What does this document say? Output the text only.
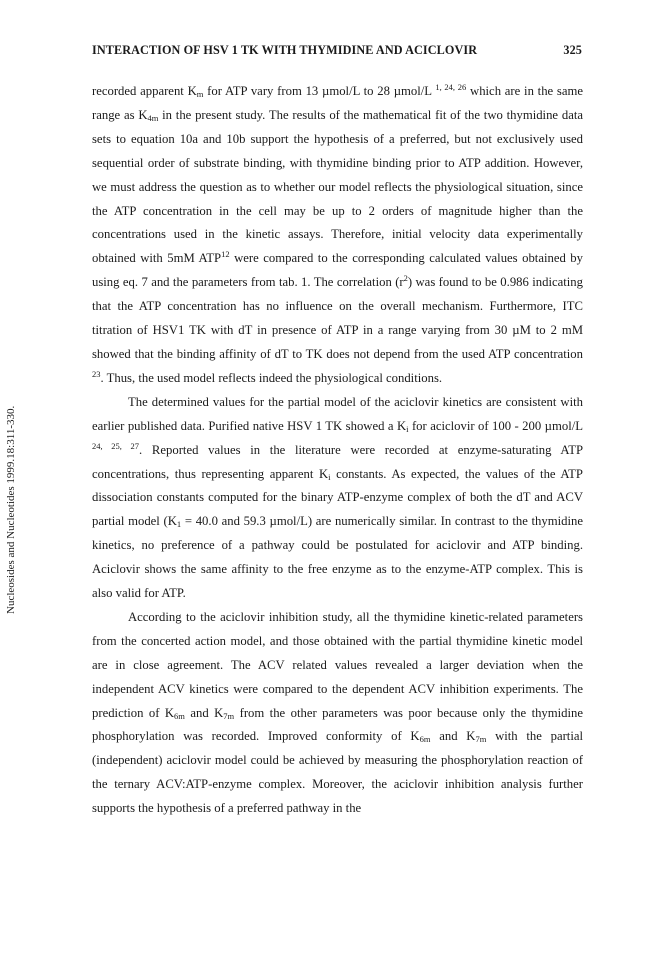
INTERACTION OF HSV 1 TK WITH THYMIDINE AND ACICLOVIR	325
Nucleosides and Nucleotides 1999.18:311-330.

recorded apparent $K_m$ for ATP vary from 13 µmol/L to 28 µmol/L $^{1, 24, 26}$ which are in the same range as $K_{4m}$ in the present study. The results of the mathematical fit of the two thymidine data sets to equation 10a and 10b support the hypothesis of a preferred, but not exclusively used sequential order of substrate binding, with thymidine binding prior to ATP addition. However, we must address the question as to whether our model reflects the physiological situation, since the ATP concentration in the cell may be up to 2 orders of magnitude higher than the concentrations used in the kinetic assays. Therefore, initial velocity data experimentally obtained with 5mM ATP$^{12}$ were compared to the corresponding calculated values obtained by using eq. 7 and the parameters from tab. 1. The correlation $(r^2)$ was found to be 0.986 indicating that the ATP concentration has no influence on the overall mechanism. Furthermore, ITC titration of HSV1 TK with dT in presence of ATP in a range varying from 30 µM to 2 mM showed that the binding affinity of dT to TK does not depend from the used ATP concentration $^{23}$. Thus, the used model reflects indeed the physiological conditions.

The determined values for the partial model of the aciclovir kinetics are consistent with earlier published data. Purified native HSV 1 TK showed a $K_i$ for aciclovir of 100 - 200 µmol/L $^{24, 25, 27}$. Reported values in the literature were recorded at enzyme-saturating ATP concentrations, thus representing apparent $K_i$ constants. As expected, the values of the ATP dissociation constants computed for the binary ATP-enzyme complex of both the dT and ACV partial model ($K_1 = 40.0$ and 59.3 µmol/L) are numerically similar. In contrast to the thymidine kinetics, no preference of a pathway could be postulated for aciclovir and ATP binding. Aciclovir shows the same affinity to the free enzyme as to the enzyme-ATP complex. This is also valid for ATP.

According to the aciclovir inhibition study, all the thymidine kinetic-related parameters from the concerted action model, and those obtained with the partial thymidine kinetic model are in close agreement. The ACV related values revealed a larger deviation when the independent ACV kinetics were compared to the dependent ACV inhibition experiments. The prediction of $K_{6m}$ and $K_{7m}$ from the other parameters was poor because only the thymidine phosphorylation was recorded. Improved conformity of $K_{6m}$ and $K_{7m}$ with the partial (independent) aciclovir model could be achieved by measuring the phosphorylation reaction of the ternary ACV:ATP-enzyme complex. Moreover, the aciclovir inhibition analysis further supports the hypothesis of a preferred pathway in the
